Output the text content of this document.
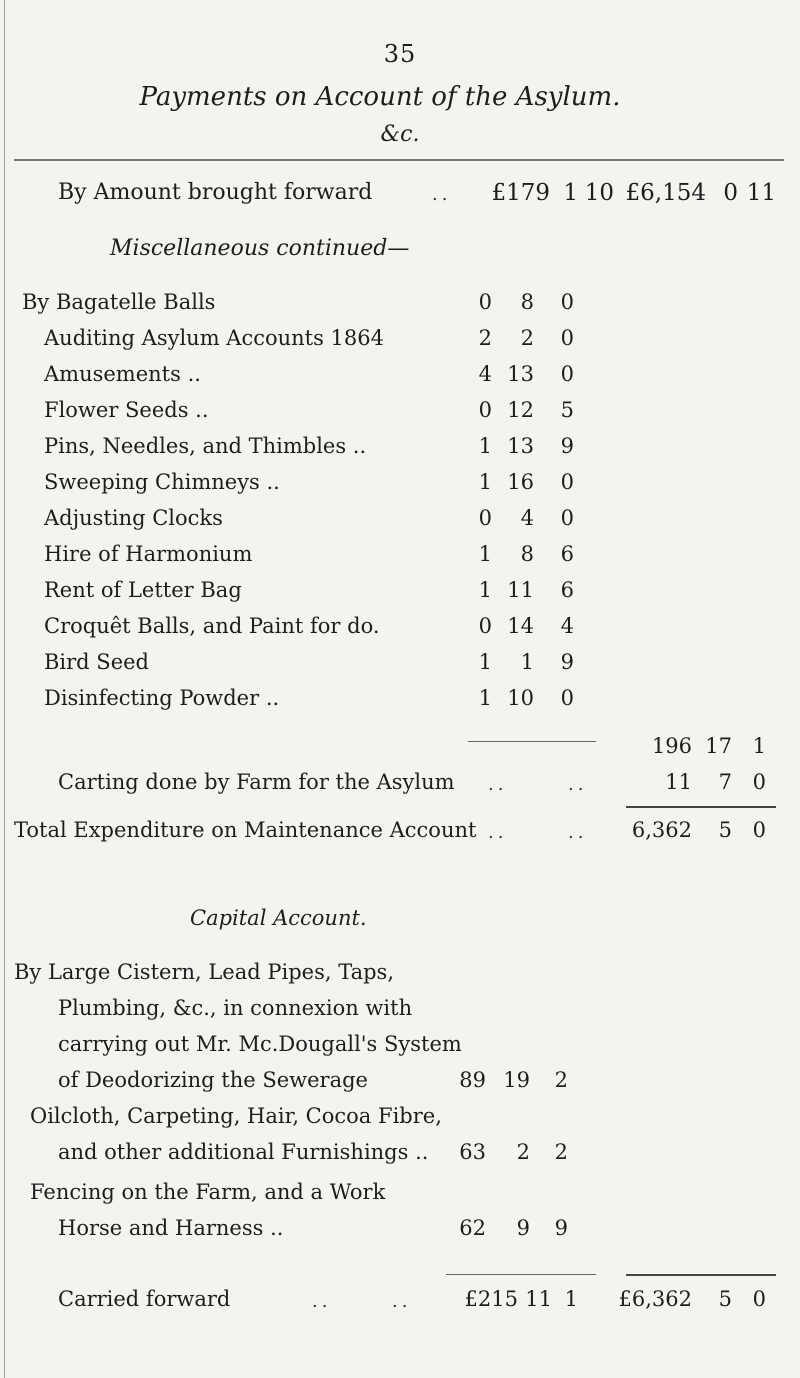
35
Payments on Account of the Asylum.
&c.
By Amount brought forward	..	£179 1 10 £6,154 0 11
Miscellaneous continued—
By Bagatelle Balls	0	8	0
Auditing Asylum Accounts 1864	2	2	0
Amusements ..	4 13	0
Flower Seeds ..	0 12	5
Pins, Needles, and Thimbles ..	1 13	9
Sweeping Chimneys ..	1 16	0
Adjusting Clocks	0	4	0
Hire of Harmonium	1	8	6
Rent of Letter Bag	1 11	6
Croquêt Balls, and Paint for do.	0 14	4
Bird Seed	1	1	9
Disinfecting Powder ..	1 10	0
196 17 1
Carting done by Farm for the Asylum ..	..	11	7 0
Total Expenditure on Maintenance Account ..	..	6,362	5 0
Capital Account.
By Large Cistern, Lead Pipes, Taps,
Plumbing, &c., in connexion with
carrying out Mr. Mc.Dougall's System
of Deodorizing the Sewerage	89 19	2
Oilcloth, Carpeting, Hair, Cocoa Fibre,
and other additional Furnishings ..	63	2	2
Fencing on the Farm, and a Work
Horse and Harness ..	62	9	9
Carried forward	..	..	£215 11 1	£6,362	5 0
